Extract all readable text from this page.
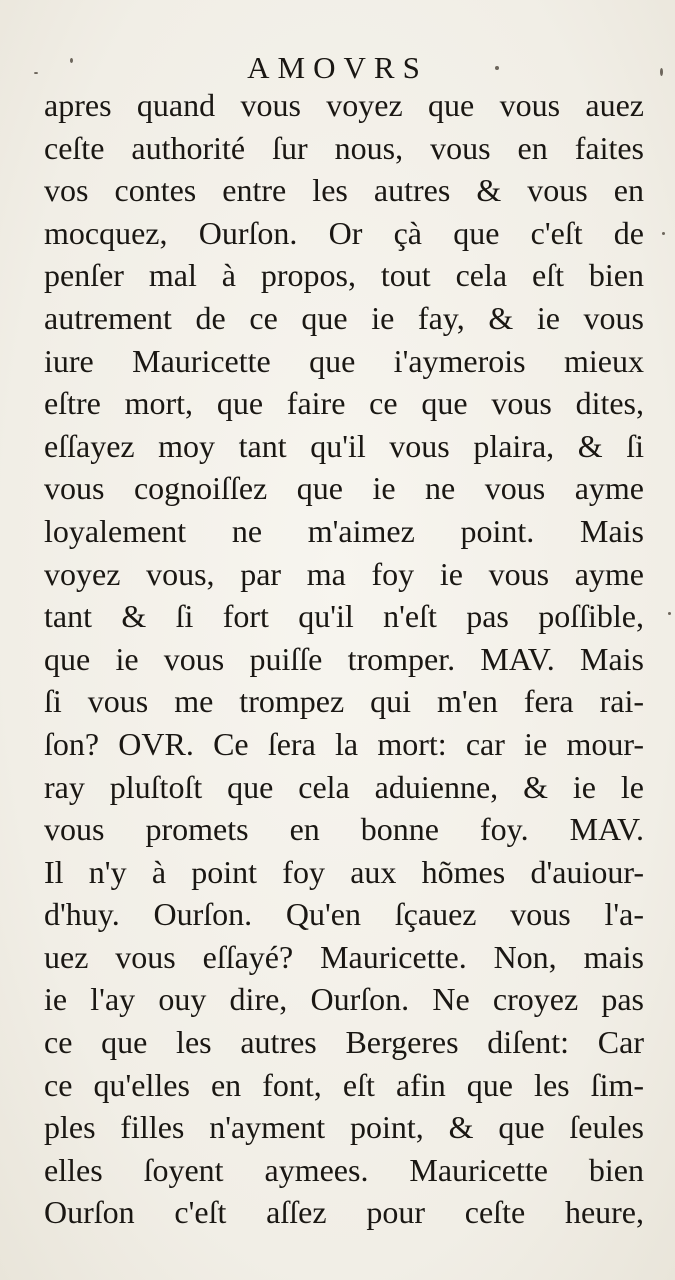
AMOVRS
apres quand vous voyez que vous auez
ceſte authorité ſur nous, vous en faites
vos contes entre les autres & vous en
mocquez, Ourſon. Or çà que c'eſt de
penſer mal à propos, tout cela eſt bien
autrement de ce que ie fay, & ie vous
iure Mauricette que i'aymerois mieux
eſtre mort, que faire ce que vous dites,
eſſayez moy tant qu'il vous plaira, & ſi
vous cognoiſſez que ie ne vous ayme
loyalement ne m'aimez point. Mais
voyez vous, par ma foy ie vous ayme
tant & ſi fort qu'il n'eſt pas poſſible,
que ie vous puiſſe tromper. MAV. Mais
ſi vous me trompez qui m'en fera rai-
ſon? OVR. Ce ſera la mort: car ie mour-
ray pluſtoſt que cela aduienne, & ie le
vous promets en bonne foy. MAV.
Il n'y à point foy aux hõmes d'auiour-
d'huy. Ourſon. Qu'en ſçauez vous l'a-
uez vous eſſayé? Mauricette. Non, mais
ie l'ay ouy dire, Ourſon. Ne croyez pas
ce que les autres Bergeres diſent: Car
ce qu'elles en font, eſt afin que les ſim-
ples filles n'ayment point, & que ſeules
elles ſoyent aymees. Mauricette bien
Ourſon c'eſt aſſez pour ceſte heure,
